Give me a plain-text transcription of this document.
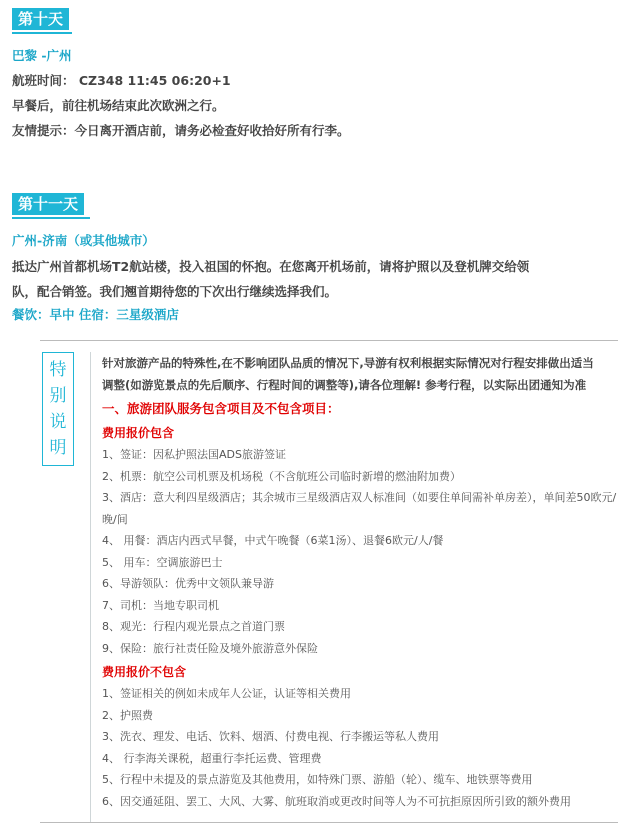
第十天
巴黎 -广州
航班时间： CZ348 11:45 06:20+1
早餐后，前往机场结束此次欧洲之行。
友情提示：今日离开酒店前，请务必检查好收拾好所有行李。
第十一天
广州-济南（或其他城市）
抵达广州首都机场T2航站楼，投入祖国的怀抱。在您离开机场前，请将护照以及登机牌交给领
队，配合销签。我们翘首期待您的下次出行继续选择我们。
餐饮：早中 住宿：三星级酒店
特
别
说
明

针对旅游产品的特殊性,在不影响团队品质的情况下,导游有权利根据实际情况对行程安排做出适当

调整(如游览景点的先后顺序、行程时间的调整等),请各位理解! 参考行程，以实际出团通知为准

一、旅游团队服务包含项目及不包含项目：

费用报价包含

1、签证：因私护照法国ADS旅游签证

2、机票：航空公司机票及机场税（不含航班公司临时新增的燃油附加费）

3、酒店：意大利四星级酒店；其余城市三星级酒店双人标准间（如要住单间需补单房差），单间差50欧元/晚/间

4、 用餐：酒店内西式早餐，中式午晚餐（6菜1汤）、退餐6欧元/人/餐

5、 用车：空调旅游巴士

6、导游领队：优秀中文领队兼导游

7、司机：当地专职司机

8、观光：行程内观光景点之首道门票

9、保险：旅行社责任险及境外旅游意外保险

费用报价不包含

1、签证相关的例如未成年人公证，认证等相关费用

2、护照费

3、洗衣、理发、电话、饮料、烟酒、付费电视、行李搬运等私人费用

4、 行李海关课税，超重行李托运费、管理费

5、行程中未提及的景点游览及其他费用，如特殊门票、游船（轮）、缆车、地铁票等费用

6、因交通延阻、罢工、大风、大雾、航班取消或更改时间等人为不可抗拒原因所引致的额外费用
